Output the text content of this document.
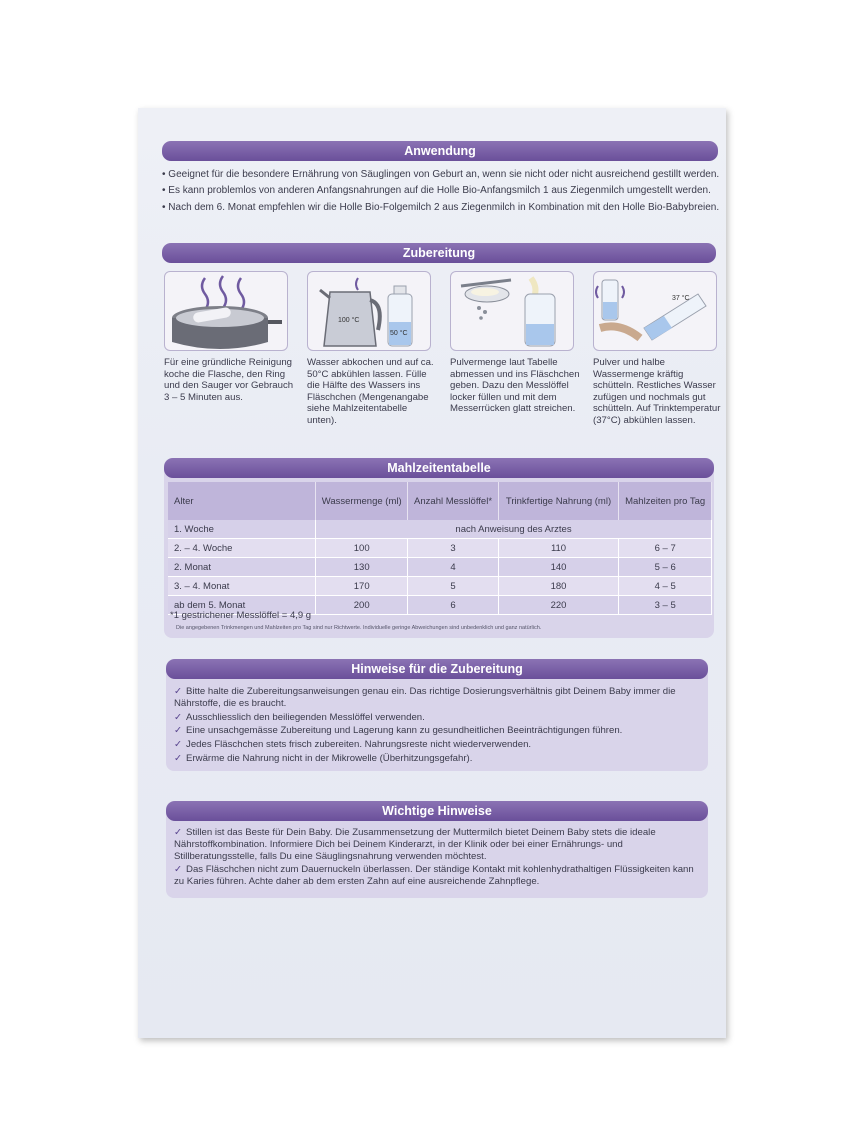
Anwendung
• Geeignet für die besondere Ernährung von Säuglingen von Geburt an, wenn sie nicht oder nicht ausreichend gestillt werden.
• Es kann problemlos von anderen Anfangsnahrungen auf die Holle Bio-Anfangsmilch 1 aus Ziegenmilch umgestellt werden.
• Nach dem 6. Monat empfehlen wir die Holle Bio-Folgemilch 2 aus Ziegenmilch in Kombination mit den Holle Bio-Babybreien.
Zubereitung
100 °C
50 °C
37 °C
Für eine gründliche Reinigung koche die Flasche, den Ring und den Sauger vor Gebrauch 3 – 5 Minuten aus.
Wasser abkochen und auf ca. 50°C abkühlen lassen. Fülle die Hälfte des Wassers ins Fläschchen (Mengenangabe siehe Mahlzeitentabelle unten).
Pulvermenge laut Tabelle abmessen und ins Fläschchen geben. Dazu den Messlöffel locker füllen und mit dem Messerrücken glatt streichen.
Pulver und halbe Wassermenge kräftig schütteln. Restliches Wasser zufügen und nochmals gut schütteln. Auf Trinktemperatur (37°C) abkühlen lassen.
Mahlzeitentabelle
Alter	Wassermenge (ml)	Anzahl Messlöffel*	Trinkfertige Nahrung (ml)	Mahlzeiten pro Tag
1. Woche	nach Anweisung des Arztes			
2. – 4. Woche	100	3	110	6 – 7
2. Monat	130	4	140	5 – 6
3. – 4. Monat	170	5	180	4 – 5
ab dem 5. Monat	200	6	220	3 – 5
*1 gestrichener Messlöffel = 4,9 g
Die angegebenen Trinkmengen und Mahlzeiten pro Tag sind nur Richtwerte. Individuelle geringe Abweichungen sind unbedenklich und ganz natürlich.
Hinweise für die Zubereitung
✓ Bitte halte die Zubereitungsanweisungen genau ein. Das richtige Dosierungsverhältnis gibt Deinem Baby immer die Nährstoffe, die es braucht.
✓ Ausschliesslich den beiliegenden Messlöffel verwenden.
✓ Eine unsachgemässe Zubereitung und Lagerung kann zu gesundheitlichen Beeinträchtigungen führen.
✓ Jedes Fläschchen stets frisch zubereiten. Nahrungsreste nicht wiederverwenden.
✓ Erwärme die Nahrung nicht in der Mikrowelle (Überhitzungsgefahr).
Wichtige Hinweise
✓ Stillen ist das Beste für Dein Baby. Die Zusammensetzung der Muttermilch bietet Deinem Baby stets die ideale Nährstoffkombination. Informiere Dich bei Deinem Kinderarzt, in der Klinik oder bei einer Ernährungs- und Stillberatungsstelle, falls Du eine Säuglingsnahrung verwenden möchtest.
✓ Das Fläschchen nicht zum Dauernuckeln überlassen. Der ständige Kontakt mit kohlenhydrathaltigen Flüssigkeiten kann zu Karies führen. Achte daher ab dem ersten Zahn auf eine ausreichende Zahnpflege.
